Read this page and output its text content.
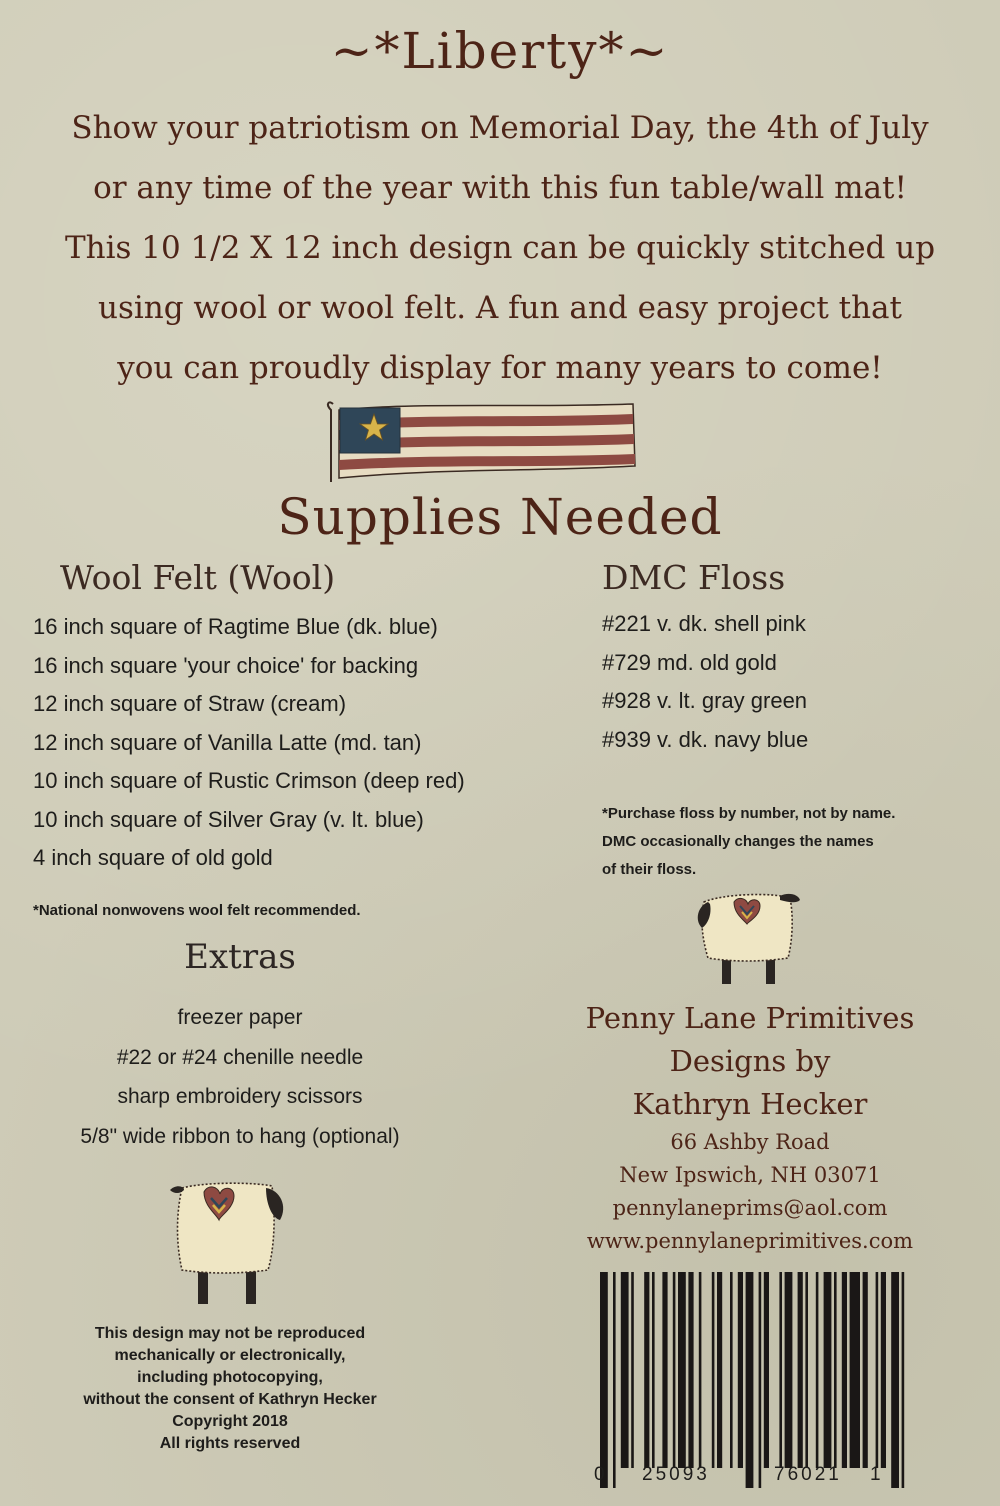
~*Liberty*~
Show your patriotism on Memorial Day, the 4th of July
or any time of the year with this fun table/wall mat!
This 10 1/2 X 12 inch design can be quickly stitched up
using wool or wool felt. A fun and easy project that
you can proudly display for many years to come!
Supplies Needed
Wool Felt (Wool)
16 inch square of Ragtime Blue (dk. blue)
16 inch square 'your choice' for backing
12 inch square of Straw (cream)
12 inch square of Vanilla Latte (md. tan)
10 inch square of Rustic Crimson (deep red)
10 inch square of Silver Gray (v. lt. blue)
4 inch square of old gold
*National nonwovens wool felt recommended.
DMC Floss
#221 v. dk. shell pink
#729 md. old gold
#928 v. lt. gray green
#939 v. dk. navy blue
*Purchase floss by number, not by name.
DMC occasionally changes the names
of their floss.
Extras
freezer paper
#22 or #24 chenille needle
sharp embroidery scissors
5/8" wide ribbon to hang (optional)
This design may not be reproduced
mechanically or electronically,
including photocopying,
without the consent of Kathryn Hecker
Copyright 2018
All rights reserved
Penny Lane Primitives
Designs by
Kathryn Hecker
66 Ashby Road
New Ipswich, NH 03071
pennylaneprims@aol.com
www.pennylaneprimitives.com
0 25093	76021 1
